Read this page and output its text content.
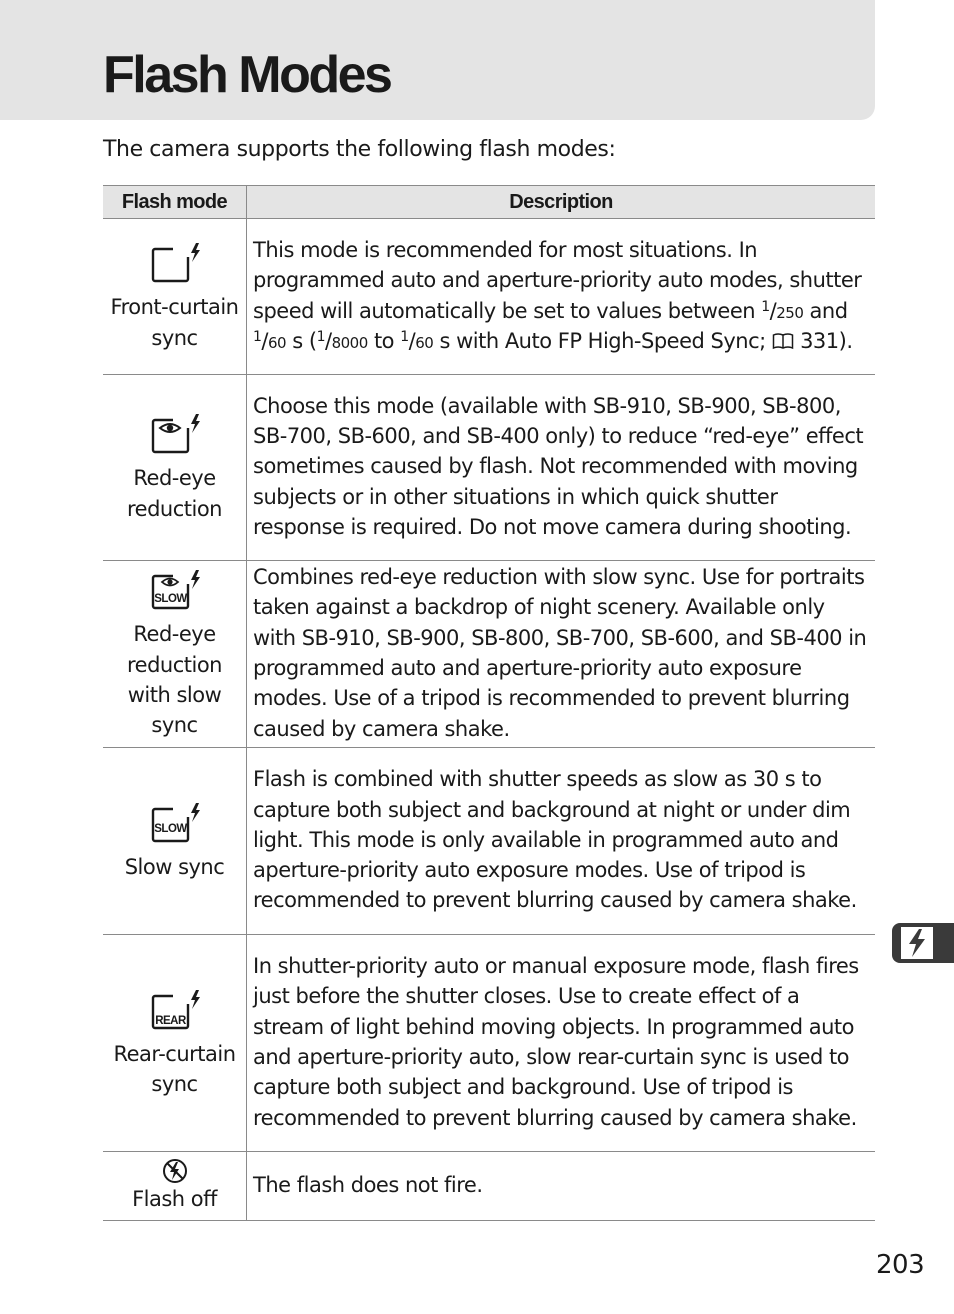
Flash Modes

The camera supports the following flash modes:

Flash mode	Description

Front-curtain sync	This mode is recommended for most situations. In programmed auto and aperture-priority auto modes, shutter speed will automatically be set to values between $^1$/250 and $^1$/60 s ($^1$/8000 to $^1$/60 s with Auto FP High-Speed Sync;  331).

Red-eye reduction	Choose this mode (available with SB-910, SB-900, SB-800, SB-700, SB-600, and SB-400 only) to reduce “red-eye” effect sometimes caused by flash. Not recommended with moving subjects or in other situations in which quick shutter response is required. Do not move camera during shooting.

SLOW
Red-eye reduction with slow sync	Combines red-eye reduction with slow sync. Use for portraits taken against a backdrop of night scenery. Available only with SB-910, SB-900, SB-800, SB-700, SB-600, and SB-400 in programmed auto and aperture-priority auto exposure modes. Use of a tripod is recommended to prevent blurring caused by camera shake.

SLOW
Slow sync	Flash is combined with shutter speeds as slow as 30 s to capture both subject and background at night or under dim light. This mode is only available in programmed auto and aperture-priority auto exposure modes. Use of tripod is recommended to prevent blurring caused by camera shake.

REAR
Rear-curtain sync	In shutter-priority auto or manual exposure mode, flash fires just before the shutter closes. Use to create effect of a stream of light behind moving objects. In programmed auto and aperture-priority auto, slow rear-curtain sync is used to capture both subject and background. Use of tripod is recommended to prevent blurring caused by camera shake.

Flash off	The flash does not fire.

203
